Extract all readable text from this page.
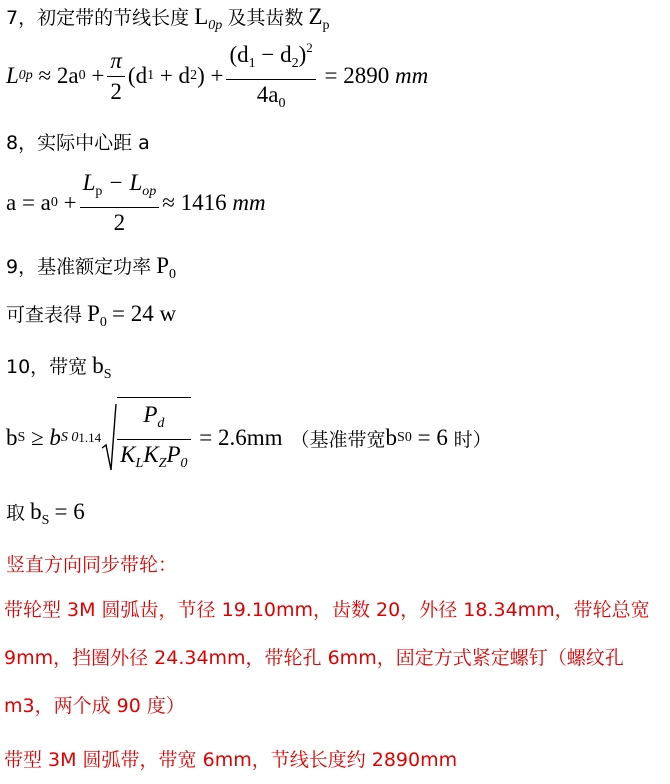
7，初定带的节线长度 L0p 及其齿数 Zp
L 0p
≈ 2a 0
+ $\frac{\pi}{2} (d$ 1
+ d 2 )
+ $\frac{(d_1 - d_2)^2}{4a_0}$
= 2890
mm
8，实际中心距 a
a = a 0
+ $\frac{L_p - L_{op}}{2} \approx 1416$
mm
9，基准额定功率 P0
可查表得 P0 = 24 w
10，带宽 bS
b S
≥ b S 0 $1.14 \frac{P_d}{K_LK_ZP_0}$
= 2.6mm （基准带宽 b S0
= 6
时）
取 bS = 6
竖直方向同步带轮：
带轮型 3M 圆弧齿，节径 19.10mm，齿数 20，外径 18.34mm，带轮总宽 9mm，挡圈外径 24.34mm，带轮孔 6mm，固定方式紧定螺钉（螺纹孔 m3，两个成 90 度）
带型 3M 圆弧带，带宽 6mm，节线长度约 2890mm
